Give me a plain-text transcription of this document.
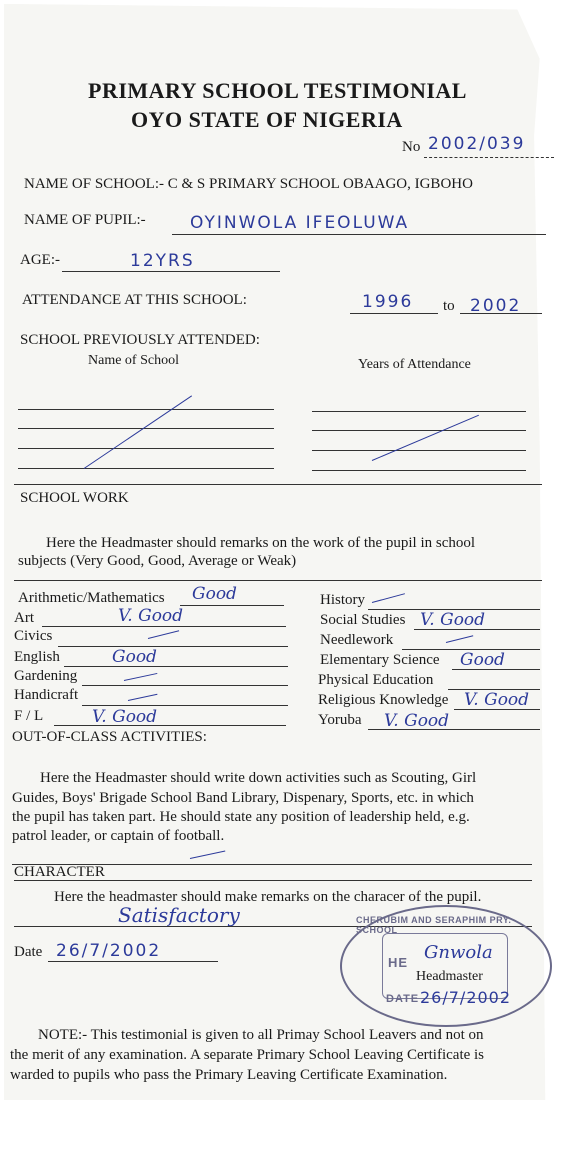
PRIMARY SCHOOL TESTIMONIAL
OYO STATE OF NIGERIA
No 2002/039
NAME OF SCHOOL:- C & S PRIMARY SCHOOL OBAAGO, IGBOHO
NAME OF PUPIL:-	OYINWOLA IFEOLUWA
AGE:-	12YRS
ATTENDANCE AT THIS SCHOOL:	1996 to 2002
SCHOOL PREVIOUSLY ATTENDED:
Name of School	Years of Attendance
SCHOOL WORK
Here the Headmaster should remarks on the work of the pupil in school
subjects (Very Good, Good, Average or Weak)
Arithmetic/Mathematics Good
Art	V. Good
Civics
English	Good
Gardening
Handicraft
F / L	V. Good
History
Social Studies V. Good
Needlework
Elementary Science Good
Physical Education
Religious Knowledge V. Good
Yoruba V. Good
OUT-OF-CLASS ACTIVITIES:
Here the Headmaster should write down activities such as Scouting, Girl
Guides, Boys' Brigade School Band Library, Dispenary, Sports, etc. in which
the pupil has taken part. He should state any position of leadership held, e.g.
patrol leader, or captain of football.
CHARACTER
Here the headmaster should make remarks on the characer of the pupil.
Satisfactory
Date 26/7/2002
CHERUBIM AND SERAPHIM PRY. SCHOOL
HE
DATE
Gnwola
Headmaster
26/7/2002
NOTE:- This testimonial is given to all Primay School Leavers and not on
the merit of any examination. A separate Primary School Leaving Certificate is
warded to pupils who pass the Primary Leaving Certificate Examination.
